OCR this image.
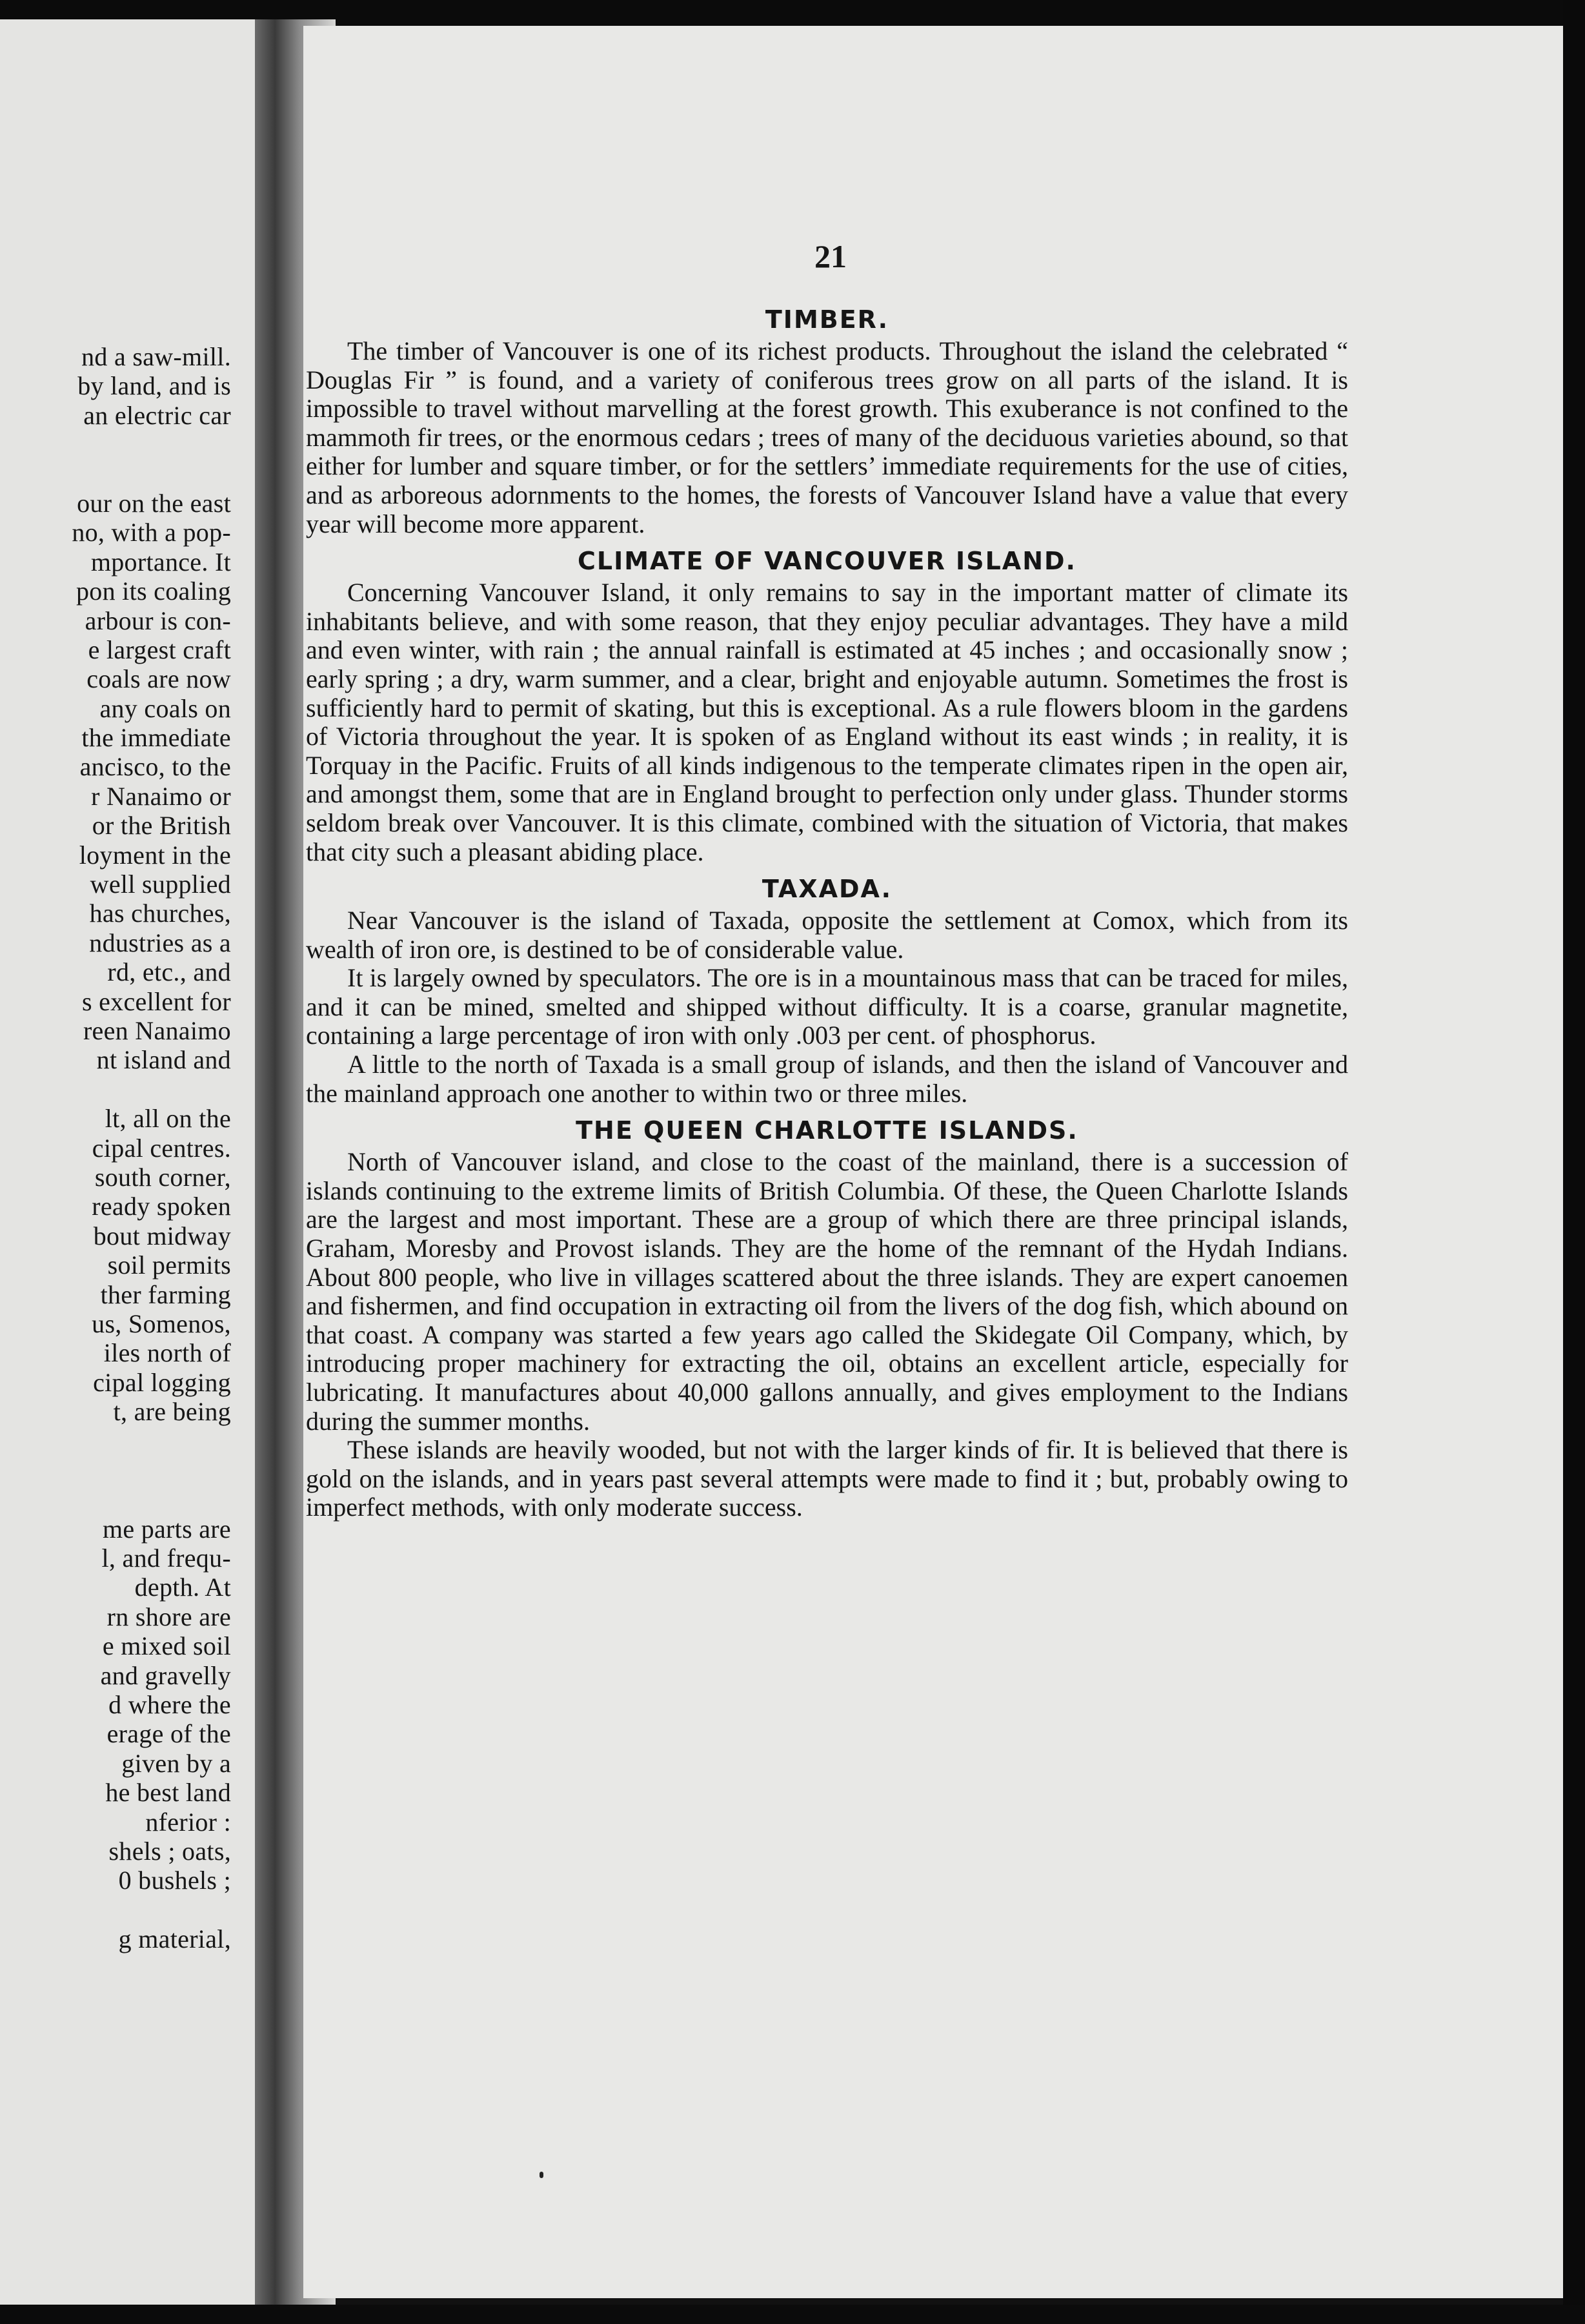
nd a saw-mill.
by land, and is
an electric car
our on the east
no, with a pop-
mportance. It
pon its coaling
arbour is con-
e largest craft
coals are now
any coals on
the immediate
ancisco, to the
r Nanaimo or
or the British
loyment in the
well supplied
has churches,
ndustries as a
rd, etc., and
s excellent for
reen Nanaimo
nt island and
lt, all on the
cipal centres.
south corner,
ready spoken
bout midway
soil permits
ther farming
us, Somenos,
iles north of
cipal logging
t, are being
me parts are
l, and frequ-
depth. At
rn shore are
e mixed soil
and gravelly
d where the
erage of the
given by a
he best land
nferior :
shels ; oats,
0 bushels ;
g material,
21
TIMBER.

The timber of Vancouver is one of its richest products. Throughout the island the celebrated “ Douglas Fir ” is found, and a variety of coniferous trees grow on all parts of the island. It is impossible to travel without marvelling at the forest growth. This exuberance is not confined to the mammoth fir trees, or the enormous cedars ; trees of many of the deciduous varieties abound, so that either for lumber and square timber, or for the settlers’ immediate requirements for the use of cities, and as arboreous adornments to the homes, the forests of Vancouver Island have a value that every year will become more apparent.

CLIMATE OF VANCOUVER ISLAND.

Concerning Vancouver Island, it only remains to say in the important matter of climate its inhabitants believe, and with some reason, that they enjoy peculiar advantages. They have a mild and even winter, with rain ; the annual rainfall is estimated at 45 inches ; and occasionally snow ; early spring ; a dry, warm summer, and a clear, bright and enjoyable autumn. Sometimes the frost is sufficiently hard to permit of skating, but this is exceptional. As a rule flowers bloom in the gardens of Victoria throughout the year. It is spoken of as England without its east winds ; in reality, it is Torquay in the Pacific. Fruits of all kinds indigenous to the temperate climates ripen in the open air, and amongst them, some that are in England brought to perfection only under glass. Thunder storms seldom break over Vancouver. It is this climate, combined with the situation of Victoria, that makes that city such a pleasant abiding place.

TAXADA.

Near Vancouver is the island of Taxada, opposite the settlement at Comox, which from its wealth of iron ore, is destined to be of considerable value.

It is largely owned by speculators. The ore is in a mountainous mass that can be traced for miles, and it can be mined, smelted and shipped without difficulty. It is a coarse, granular magnetite, containing a large percentage of iron with only .003 per cent. of phosphorus.

A little to the north of Taxada is a small group of islands, and then the island of Vancouver and the mainland approach one another to within two or three miles.

THE QUEEN CHARLOTTE ISLANDS.

North of Vancouver island, and close to the coast of the mainland, there is a succession of islands continuing to the extreme limits of British Columbia. Of these, the Queen Charlotte Islands are the largest and most important. These are a group of which there are three principal islands, Graham, Moresby and Provost islands. They are the home of the remnant of the Hydah Indians. About 800 people, who live in villages scattered about the three islands. They are expert canoemen and fishermen, and find occupation in extracting oil from the livers of the dog fish, which abound on that coast. A company was started a few years ago called the Skidegate Oil Company, which, by introducing proper machinery for extracting the oil, obtains an excellent article, especially for lubricating. It manufactures about 40,000 gallons annually, and gives employment to the Indians during the summer months.

These islands are heavily wooded, but not with the larger kinds of fir. It is believed that there is gold on the islands, and in years past several attempts were made to find it ; but, probably owing to imperfect methods, with only moderate success.
